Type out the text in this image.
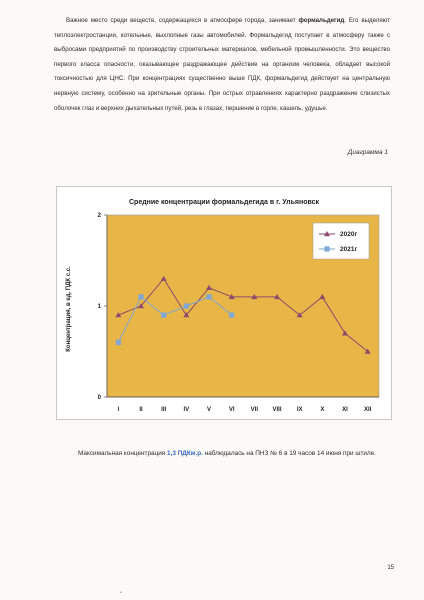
Важное место среди веществ, содержащихся в атмосфере города, занимает формальдегид. Его выделяют теплоэлектростанции, котельные, выхлопные газы автомобилей. Формальдегид поступает в атмосферу также с выбросами предприятий по производству строительных материалов, мебельной промышленности. Это вещество первого класса опасности, оказывающее раздражающее действие на организм человека, обладает высокой токсичностью для ЦНС. При концентрациях существенно выше ПДК, формальдегид действует на центральную нервную систему, особенно на зрительные органы. При острых отравлениях характерно раздражение слизистых оболочек глаз и верхних дыхательных путей, резь в глазах, першение в горле, кашель, удушье.

Диаграмма 1
Средние концентрации формальдегида в г. Ульяновск
Концентрация, в ед. ПДК с.с.
0
1
2
I	II	III	IV	V	VI	VII VIII	IX	X	XI	XII
2020г
2021г

Максимальная концентрация 1,3 ПДКм.р. наблюдалась на ПНЗ № 6 в 19 часов 14 июня при штиле.

15
•
